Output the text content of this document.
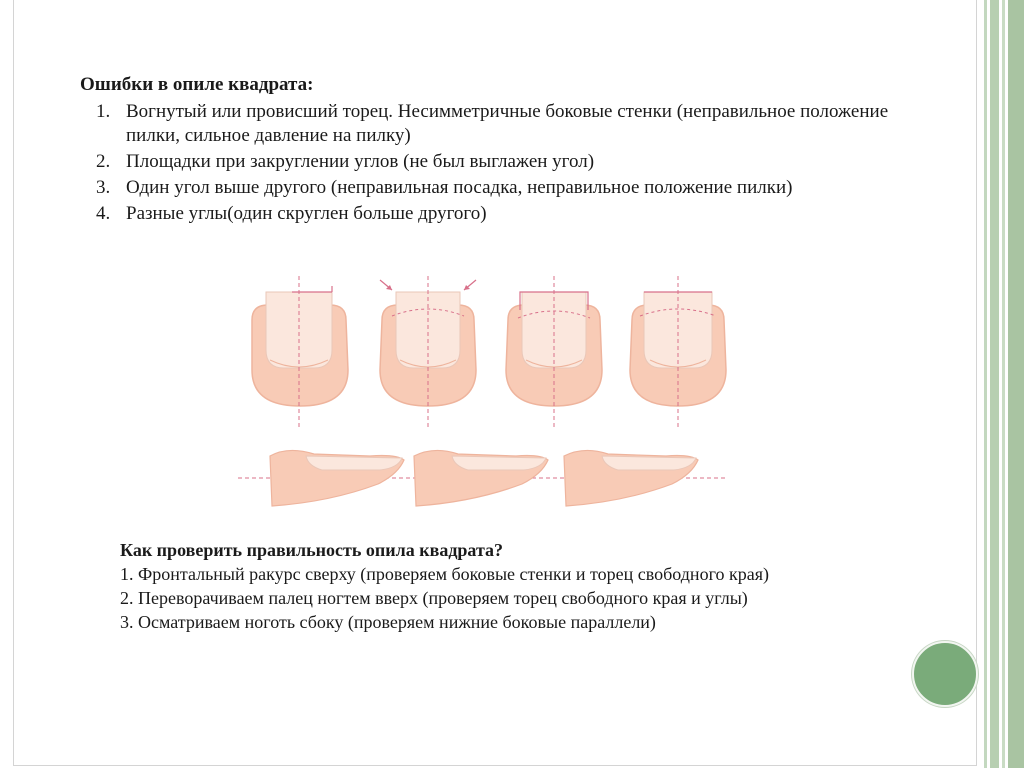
Ошибки в опиле квадрата:
1. Вогнутый или провисший торец. Несимметричные боковые стенки (неправильное положение пилки, сильное давление на пилку)
2. Площадки при закруглении углов (не был выглажен угол)
3. Один угол выше другого (неправильная посадка, неправильное положение пилки)
4. Разные углы(один скруглен больше другого)
Как проверить правильность опила квадрата?

1. Фронтальный ракурс сверху (проверяем боковые стенки и торец свободного края)

2. Переворачиваем палец ногтем вверх (проверяем торец свободного края и углы)

3. Осматриваем ноготь сбоку (проверяем нижние боковые параллели)
